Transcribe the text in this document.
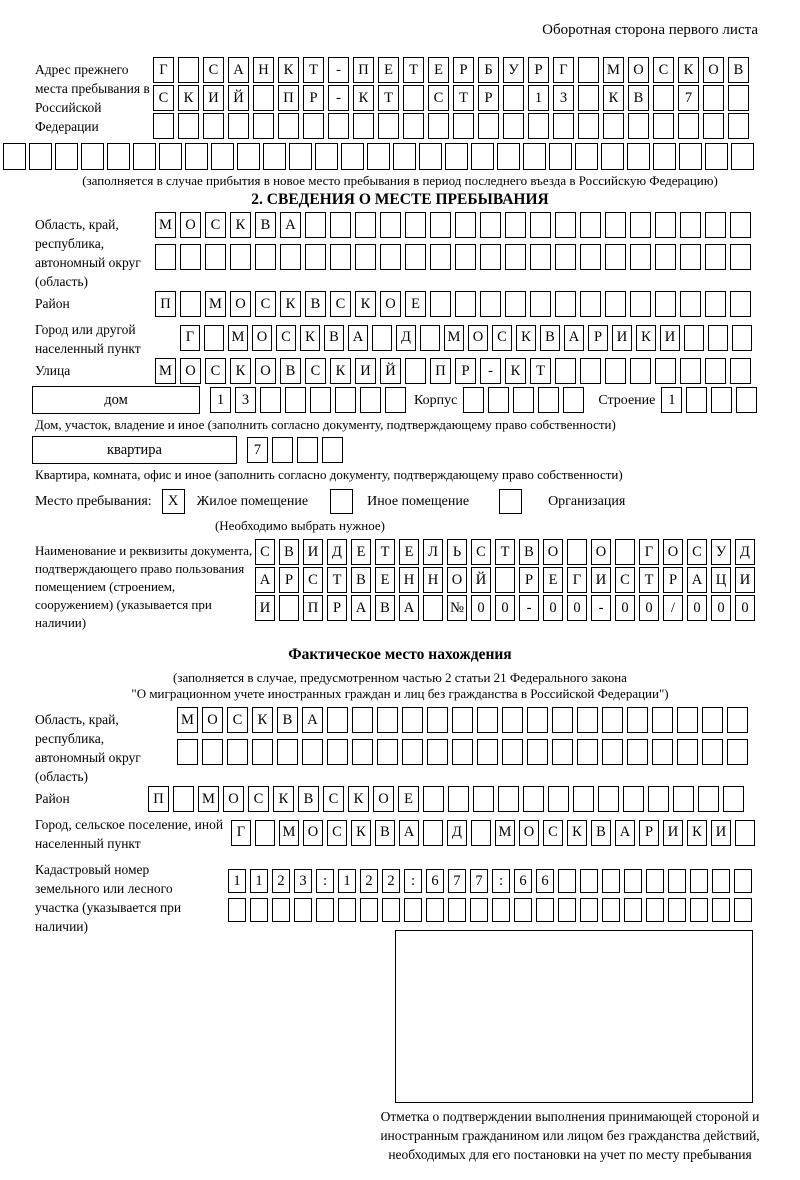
Оборотная сторона первого листа
Адрес прежнего места пребывания в Российской Федерации
Г	С	А	Н	К	Т	-	П	Е	Т	Е	Р	Б	У	Р	Г	М О	С	К	О	В
С	К	И	Й	П	Р	-	К	Т	С	Т	Р	1	3	К	В	7
(заполняется в случае прибытия в новое место пребывания в период последнего въезда в Российскую Федерацию)
2. СВЕДЕНИЯ О МЕСТЕ ПРЕБЫВАНИЯ
Область, край, республика, автономный округ (область)
М О	С	К	В	А
Район	П	М О	С	К	В	С	К	О	Е
Город или другой населенный пункт
Г	М О С К В А	Д	М О С К В А	Р	И К И
Улица	М О	С	К	О	В	С	К	И	Й	П	Р	-	К	Т
дом	1	3	Корпус	Строение 1
Дом, участок, владение и иное (заполнить согласно документу, подтверждающему право собственности)
квартира	7
Квартира, комната, офис и иное (заполнить согласно документу, подтверждающему право собственности)
Место пребывания:	X	Жилое помещение	Иное помещение	Организация
(Необходимо выбрать нужное)
Наименование и реквизиты документа, подтверждающего право пользования помещением (строением, сооружением) (указывается при наличии)
С В И Д	Е	Т	Е	Л	Ь	С	Т	В О	О	Г	О С У Д
А	Р	С	Т	В	Е Н Н О Й	Р	Е	Г	И С	Т	Р	А Ц И
И	П	Р	А В А	№ 0	0	-	0	0	-	0	0	/	0	0	0
Фактическое место нахождения
(заполняется в случае, предусмотренном частью 2 статьи 21 Федерального закона
"О миграционном учете иностранных граждан и лиц без гражданства в Российской Федерации")
Область, край, республика, автономный округ (область)
М О	С	К	В	А
Район	П	М О	С	К	В	С	К	О	Е
Город, сельское поселение, иной населенный пункт
Г	М О С К В А	Д	М О С К В А	Р	И К И
Кадастровый номер земельного или лесного участка (указывается при наличии)
1	1	2	3	:	1	2	2	:	6	7	7	:	6	6
Отметка о подтверждении выполнения принимающей стороной и иностранным гражданином или лицом без гражданства действий, необходимых для его постановки на учет по месту пребывания
